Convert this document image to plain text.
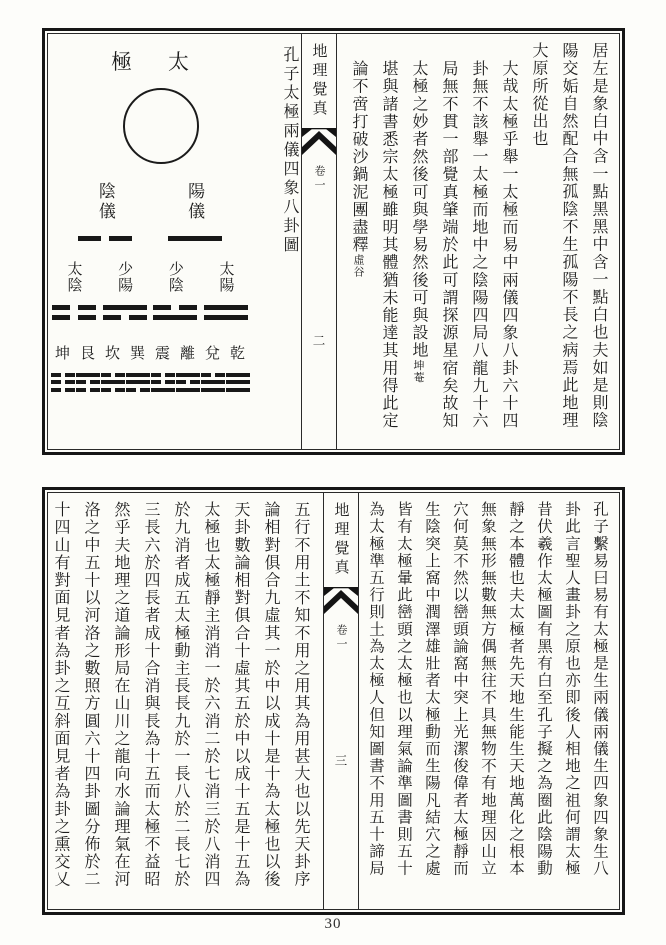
居左是象白中含一點黑黑中含一點白也夫如是則陰
陽交姤自然配合無孤陰不生孤陽不長之病焉此地理
大原所從出也
大哉太極乎舉一太極而易中兩儀四象八卦六十四
卦無不該舉一太極而地中之陰陽四局八龍九十六
局無不貫一部覺真肇端於此可謂探源星宿矣故知
太極之妙者然後可與學易然後可與設地坤菴
堪與諸書悉宗太極雖明其體猶未能達其用得此定
論不啻打破沙鍋泥團盡釋虛谷
地理覺真
卷一
二
孔子太極兩儀四象八卦圖
太極
陽儀
陰儀
太陽
少陰
少陽
太陰
乾
兌
離
震
巽
坎
艮
坤
孔子繫易曰易有太極是生兩儀兩儀生四象四象生八
卦此言聖人畫卦之原也亦即後人相地之祖何謂太極
昔伏羲作太極圖有黑有白至孔子擬之為圈此陰陽動
靜之本體也夫太極者先天地生能生天地萬化之根本
無象無形無數無方偶無往不具無物不有地理因山立
穴何莫不然以巒頭論窩中突上光潔俊偉者太極靜而
生陰突上窩中潤澤雄壯者太極動而生陽凡結穴之處
皆有太極暈此巒頭之太極也以理氣論準圖書則五十
為太極準五行則土為太極人但知圖書不用五十諦局
地理覺真
卷一
三
五行不用土不知不用之用其為用甚大也以先天卦序
論相對俱合九虛其一於中以成十是十為太極也以後
天卦數論相對俱合十虛其五於中以成十五是十五為
太極也太極靜主消消一於六消二於七消三於八消四
於九消者成五太極動主長長九於一長八於二長七於
三長六於四長者成十合消與長為十五而太極不益昭
然乎夫地理之道論形局在山川之龍向水論理氣在河
洛之中五十以河洛之數照方圓六十四卦圖分佈於二
十四山有對面見者為卦之互斜面見者為卦之熏交乂
30
